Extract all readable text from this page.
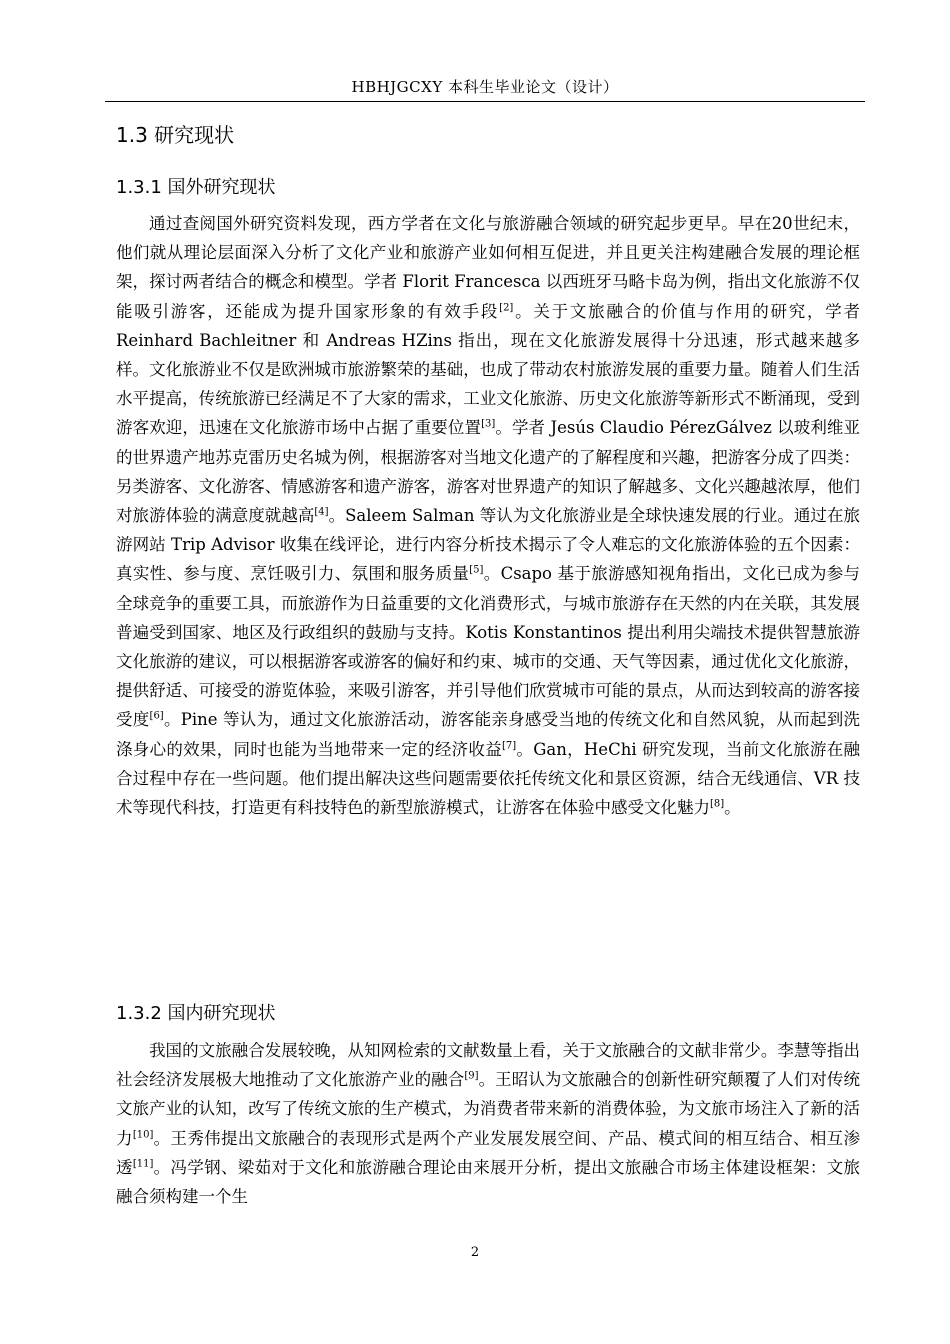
HBHJGCXY 本科生毕业论文（设计）
1.3 研究现状
1.3.1 国外研究现状

通过查阅国外研究资料发现，西方学者在文化与旅游融合领域的研究起步更早。早在20世纪末，他们就从理论层面深入分析了文化产业和旅游产业如何相互促进，并且更关注构建融合发展的理论框架，探讨两者结合的概念和模型。学者 Florit Francesca 以西班牙马略卡岛为例，指出文化旅游不仅能吸引游客，还能成为提升国家形象的有效手段[2]。关于文旅融合的价值与作用的研究，学者 Reinhard Bachleitner 和 Andreas HZins 指出，现在文化旅游发展得十分迅速，形式越来越多样。文化旅游业不仅是欧洲城市旅游繁荣的基础，也成了带动农村旅游发展的重要力量。随着人们生活水平提高，传统旅游已经满足不了大家的需求，工业文化旅游、历史文化旅游等新形式不断涌现，受到游客欢迎，迅速在文化旅游市场中占据了重要位置[3]。学者 Jesús Claudio PérezGálvez 以玻利维亚的世界遗产地苏克雷历史名城为例，根据游客对当地文化遗产的了解程度和兴趣，把游客分成了四类：另类游客、文化游客、情感游客和遗产游客，游客对世界遗产的知识了解越多、文化兴趣越浓厚，他们对旅游体验的满意度就越高[4]。Saleem Salman 等认为文化旅游业是全球快速发展的行业。通过在旅游网站 Trip Advisor 收集在线评论，进行内容分析技术揭示了令人难忘的文化旅游体验的五个因素：真实性、参与度、烹饪吸引力、氛围和服务质量[5]。Csapo 基于旅游感知视角指出，文化已成为参与全球竞争的重要工具，而旅游作为日益重要的文化消费形式，与城市旅游存在天然的内在关联，其发展普遍受到国家、地区及行政组织的鼓励与支持。Kotis Konstantinos 提出利用尖端技术提供智慧旅游文化旅游的建议，可以根据游客或游客的偏好和约束、城市的交通、天气等因素，通过优化文化旅游，提供舒适、可接受的游览体验，来吸引游客，并引导他们欣赏城市可能的景点，从而达到较高的游客接受度[6]。Pine 等认为，通过文化旅游活动，游客能亲身感受当地的传统文化和自然风貌，从而起到洗涤身心的效果，同时也能为当地带来一定的经济收益[7]。Gan，HeChi 研究发现，当前文化旅游在融合过程中存在一些问题。他们提出解决这些问题需要依托传统文化和景区资源，结合无线通信、VR 技术等现代科技，打造更有科技特色的新型旅游模式，让游客在体验中感受文化魅力[8]。

1.3.2 国内研究现状

我国的文旅融合发展较晚，从知网检索的文献数量上看，关于文旅融合的文献非常少。李慧等指出社会经济发展极大地推动了文化旅游产业的融合[9]。王昭认为文旅融合的创新性研究颠覆了人们对传统文旅产业的认知，改写了传统文旅的生产模式，为消费者带来新的消费体验，为文旅市场注入了新的活力[10]。王秀伟提出文旅融合的表现形式是两个产业发展发展空间、产品、模式间的相互结合、相互渗透[11]。冯学钢、梁茹对于文化和旅游融合理论由来展开分析，提出文旅融合市场主体建设框架：文旅融合须构建一个生

2
